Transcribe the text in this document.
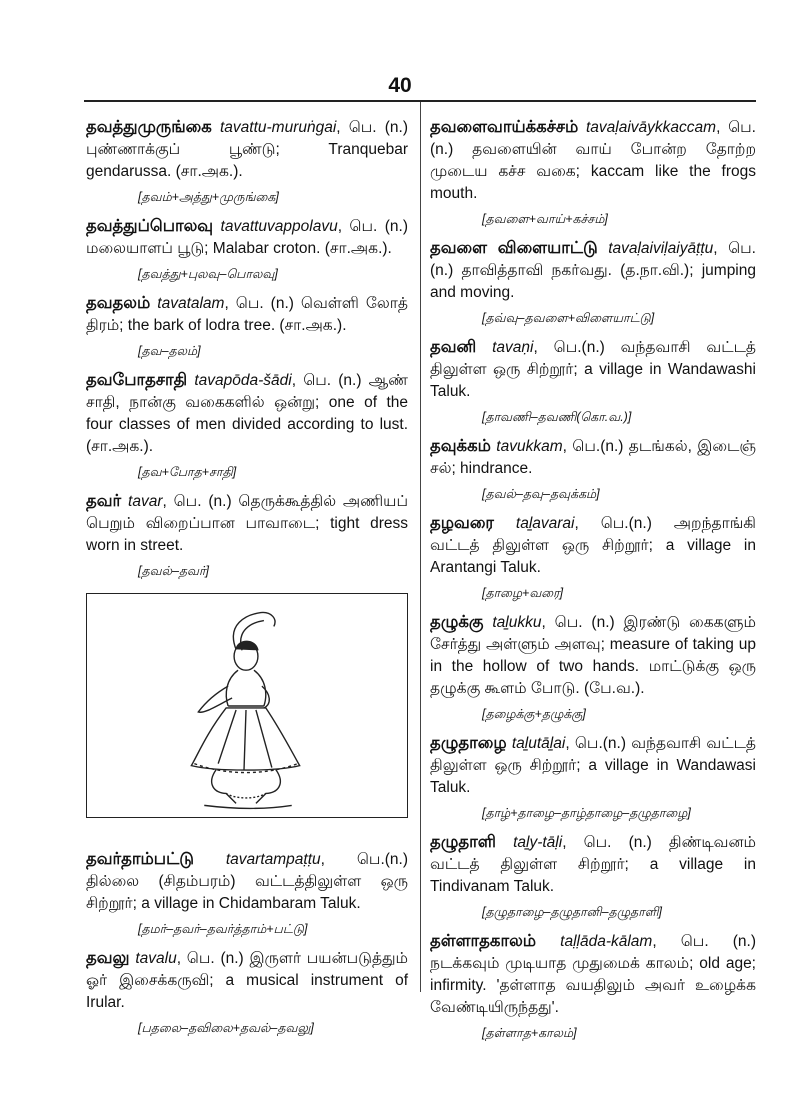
40
தவத்துமுருங்கை tavattu-muruṅgai, பெ. (n.) புண்ணாக்குப் பூண்டு; Tranquebar gendarussa. (சா.அக.).
[தவம்+அத்து+முருங்கை]
தவத்துப்பொலவு tavattuvappolavu, பெ. (n.) மலையாளப் பூடு; Malabar croton. (சா.அக.).
[தவத்து+புலவு–பொலவு]
தவதலம் tavatalam, பெ. (n.) வெள்ளி லோத் திரம்; the bark of lodra tree. (சா.அக.).
[தவ–தலம்]
தவபோதசாதி tavapōda-šādi, பெ. (n.) ஆண் சாதி, நான்கு வகைகளில் ஒன்று; one of the four classes of men divided according to lust. (சா.அக.).
[தவ+போத+சாதி]
தவர் tavar, பெ. (n.) தெருக்கூத்தில் அணியப் பெறும் விறைப்பான பாவாடை; tight dress worn in street.
[தவல்–தவர்]
தவர்தாம்பட்டு tavartampaṭṭu, பெ.(n.) தில்லை (சிதம்பரம்) வட்டத்திலுள்ள ஒரு சிற்றூர்; a village in Chidambaram Taluk.
[தமர்–தவர்–தவர்த்தாம்+பட்டு]
தவலு tavalu, பெ. (n.) இருளர் பயன்படுத்தும் ஓர் இசைக்கருவி; a musical instrument of Irular.
[பதலை–தவிலை+தவல்–தவலு]
தவளைவாய்க்கச்சம் tavaḷaivāykkaccam, பெ. (n.) தவளையின் வாய் போன்ற தோற்ற முடைய கச்ச வகை; kaccam like the frogs mouth.
[தவளை+வாய்+கச்சம்]
தவளை விளையாட்டு tavaḷaiviḷaiyāṭṭu, பெ.(n.) தாவித்தாவி நகர்வது. (த.நா.வி.); jumping and moving.
[தவ்வு–தவளை+விளையாட்டு]
தவனி tavaṇi, பெ.(n.) வந்தவாசி வட்டத் திலுள்ள ஒரு சிற்றூர்; a village in Wandawashi Taluk.
[தாவணி–தவணி(கொ.வ.)]
தவுக்கம் tavukkam, பெ.(n.) தடங்கல், இடைஞ் சல்; hindrance.
[தவல்–தவு–தவுக்கம்]
தழவரை taḻavarai, பெ.(n.) அறந்தாங்கி வட்டத் திலுள்ள ஒரு சிற்றூர்; a village in Arantangi Taluk.
[தாழை+வரை]
தழுக்கு taḻukku, பெ. (n.) இரண்டு கைகளும் சேர்த்து அள்ளும் அளவு; measure of taking up in the hollow of two hands. மாட்டுக்கு ஒரு தழுக்கு கூளம் போடு. (பே.வ.).
[தழைக்கு+தழுக்கு]
தழுதாழை taḻutāḻai, பெ.(n.) வந்தவாசி வட்டத் திலுள்ள ஒரு சிற்றூர்; a village in Wandawasi Taluk.
[தாழ்+தாழை–தாழ்தாழை–தழுதாழை]
தழுதாளி taḻy-tāḷi, பெ. (n.) திண்டிவனம் வட்டத் திலுள்ள சிற்றூர்; a village in Tindivanam Taluk.
[தழுதாழை–தழுதானி–தழுதாளி]
தள்ளாதகாலம் taḷḷāda-kālam, பெ. (n.) நடக்கவும் முடியாத முதுமைக் காலம்; old age; infirmity. 'தள்ளாத வயதிலும் அவர் உழைக்க வேண்டியிருந்தது'.
[தள்ளாத+காலம்]
